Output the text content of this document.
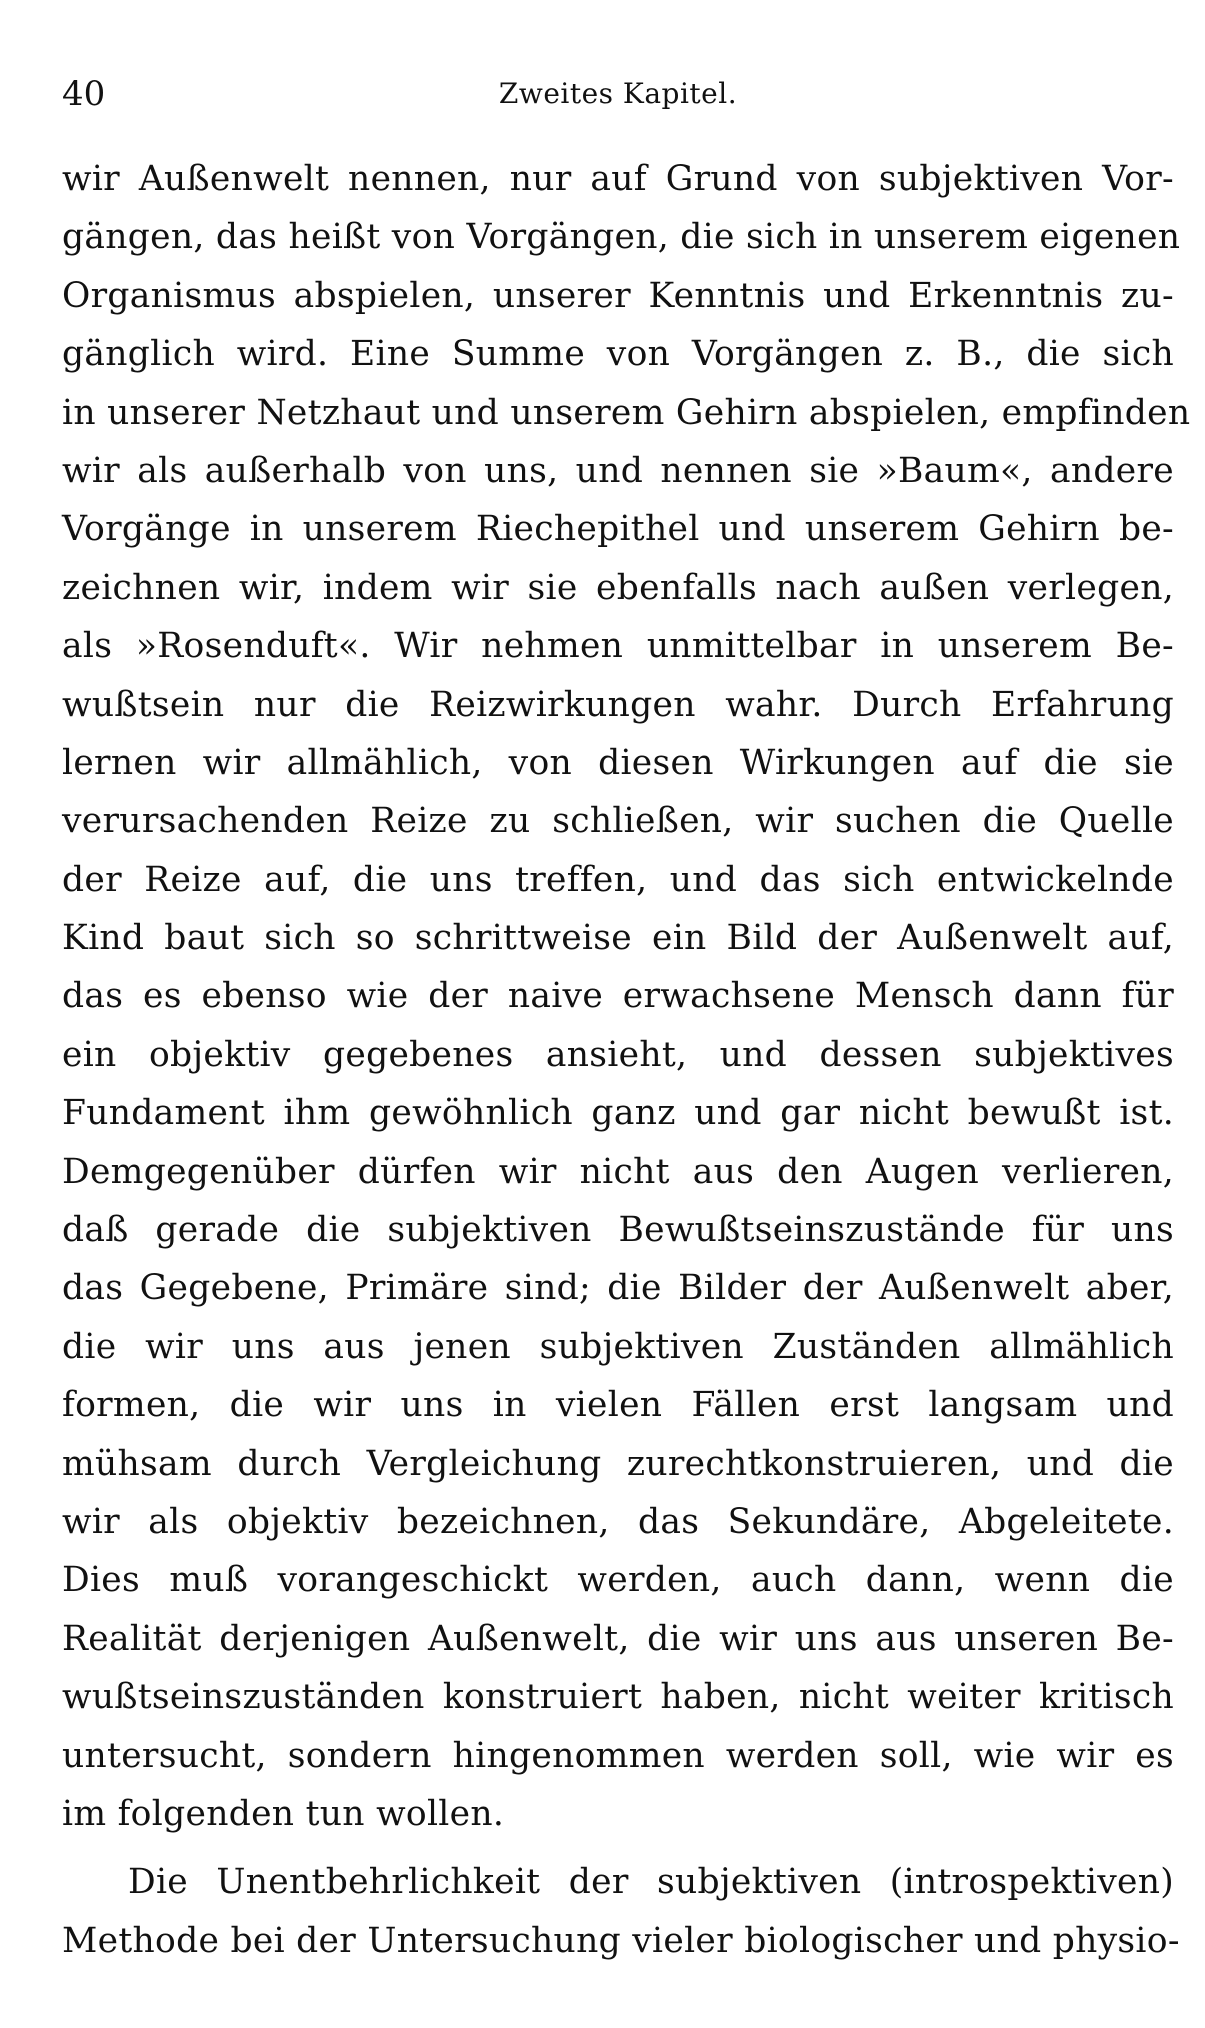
40	Zweites Kapitel.
wir Außenwelt nennen, nur auf Grund von subjektiven Vor-
gängen, das heißt von Vorgängen, die sich in unserem eigenen
Organismus abspielen, unserer Kenntnis und Erkenntnis zu-
gänglich wird. Eine Summe von Vorgängen z. B., die sich
in unserer Netzhaut und unserem Gehirn abspielen, empfinden
wir als außerhalb von uns, und nennen sie »Baum«, andere
Vorgänge in unserem Riechepithel und unserem Gehirn be-
zeichnen wir, indem wir sie ebenfalls nach außen verlegen,
als »Rosenduft«. Wir nehmen unmittelbar in unserem Be-
wußtsein nur die Reizwirkungen wahr. Durch Erfahrung
lernen wir allmählich, von diesen Wirkungen auf die sie
verursachenden Reize zu schließen, wir suchen die Quelle
der Reize auf, die uns treffen, und das sich entwickelnde
Kind baut sich so schrittweise ein Bild der Außenwelt auf,
das es ebenso wie der naive erwachsene Mensch dann für
ein objektiv gegebenes ansieht, und dessen subjektives
Fundament ihm gewöhnlich ganz und gar nicht bewußt ist.
Demgegenüber dürfen wir nicht aus den Augen verlieren,
daß gerade die subjektiven Bewußtseinszustände für uns
das Gegebene, Primäre sind; die Bilder der Außenwelt aber,
die wir uns aus jenen subjektiven Zuständen allmählich
formen, die wir uns in vielen Fällen erst langsam und
mühsam durch Vergleichung zurechtkonstruieren, und die
wir als objektiv bezeichnen, das Sekundäre, Abgeleitete.
Dies muß vorangeschickt werden, auch dann, wenn die
Realität derjenigen Außenwelt, die wir uns aus unseren Be-
wußtseinszuständen konstruiert haben, nicht weiter kritisch
untersucht, sondern hingenommen werden soll, wie wir es
im folgenden tun wollen.
Die Unentbehrlichkeit der subjektiven (introspektiven)
Methode bei der Untersuchung vieler biologischer und physio-
